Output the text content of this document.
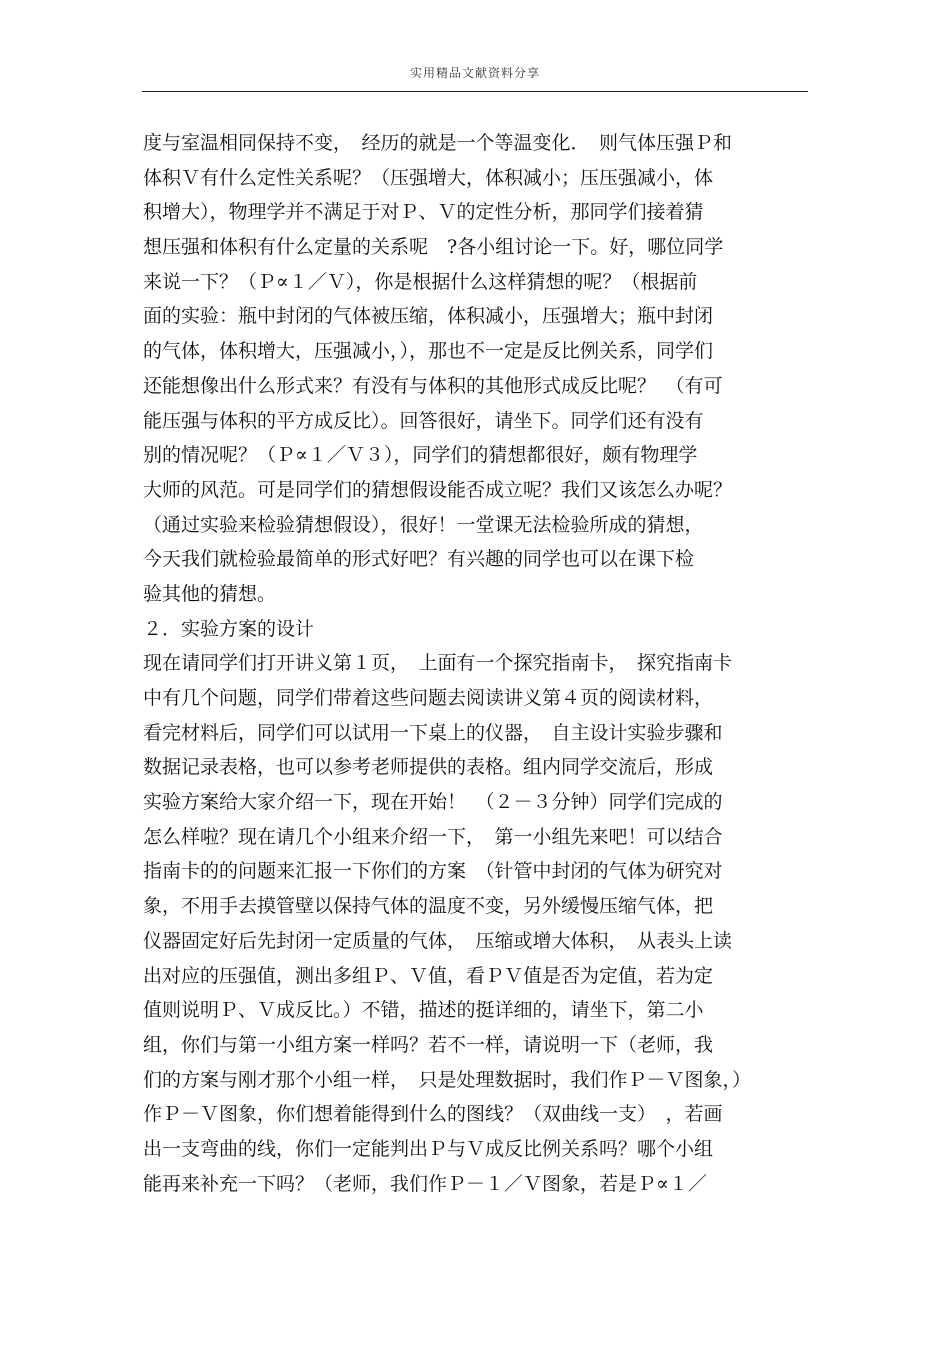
实用精品文献资料分享
度与室温相同保持不变，　经历的就是一个等温变化．　则气体压强Ｐ和
体积Ｖ有什么定性关系呢？（压强增大，体积减小；压压强减小，体
积增大），物理学并不满足于对Ｐ、Ｖ的定性分析，那同学们接着猜
想压强和体积有什么定量的关系呢　?各小组讨论一下。好，哪位同学
来说一下？（Ｐ∝１／Ｖ），你是根据什么这样猜想的呢？（根据前
面的实验：瓶中封闭的气体被压缩，体积减小，压强增大；瓶中封闭
的气体，体积增大，压强减小，），那也不一定是反比例关系，同学们
还能想像出什么形式来？有没有与体积的其他形式成反比呢？　（有可
能压强与体积的平方成反比）。回答很好，请坐下。同学们还有没有
别的情况呢？（Ｐ∝１／Ｖ３），同学们的猜想都很好，颇有物理学
大师的风范。可是同学们的猜想假设能否成立呢？我们又该怎么办呢？
（通过实验来检验猜想假设），很好！一堂课无法检验所成的猜想，
今天我们就检验最简单的形式好吧？有兴趣的同学也可以在课下检
验其他的猜想。
２．实验方案的设计
现在请同学们打开讲义第１页，　上面有一个探究指南卡，　探究指南卡
中有几个问题，同学们带着这些问题去阅读讲义第４页的阅读材料，
看完材料后，同学们可以试用一下桌上的仪器，　自主设计实验步骤和
数据记录表格，也可以参考老师提供的表格。组内同学交流后，形成
实验方案给大家介绍一下，现在开始！　（２－３分钟）同学们完成的
怎么样啦？现在请几个小组来介绍一下，　第一小组先来吧！可以结合
指南卡的的问题来汇报一下你们的方案　（针管中封闭的气体为研究对
象，不用手去摸管壁以保持气体的温度不变，另外缓慢压缩气体，把
仪器固定好后先封闭一定质量的气体，　压缩或增大体积，　从表头上读
出对应的压强值，测出多组Ｐ、Ｖ值，看ＰＶ值是否为定值，若为定
值则说明Ｐ、Ｖ成反比。）不错，描述的挺详细的，请坐下，第二小
组，你们与第一小组方案一样吗？若不一样，请说明一下（老师，我
们的方案与刚才那个小组一样，　只是处理数据时，我们作Ｐ－Ｖ图象，）
作Ｐ－Ｖ图象，你们想着能得到什么的图线？（双曲线一支）　，若画
出一支弯曲的线，你们一定能判出Ｐ与Ｖ成反比例关系吗？哪个小组
能再来补充一下吗？（老师，我们作Ｐ－１／Ｖ图象，若是Ｐ∝１／
